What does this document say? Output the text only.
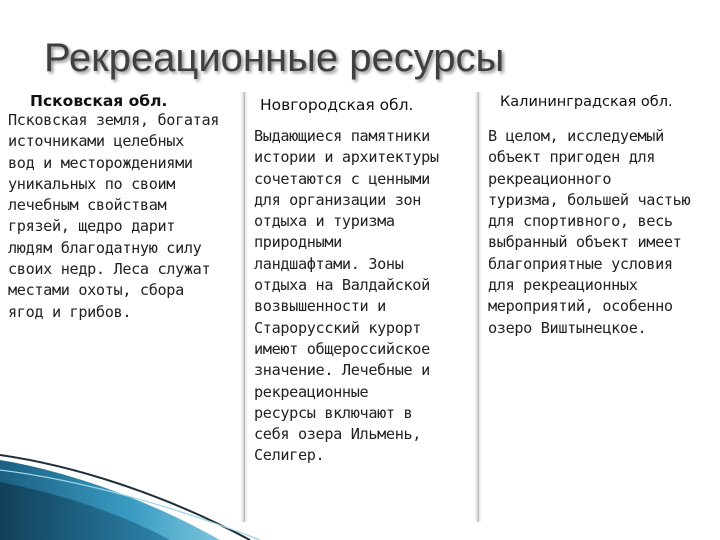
Рекреационные ресурсы
Псковская обл.
Псковская земля, богатая
источниками целебных
вод и месторождениями
уникальных по своим
лечебным свойствам
грязей, щедро дарит
людям благодатную силу
своих недр. Леса служат
местами охоты, сбора
ягод и грибов.
Новгородская обл.
Выдающиеся памятники
истории и архитектуры
сочетаются с ценными
для организации зон
отдыха и туризма
природными
ландшафтами. Зоны
отдыха на Валдайской
возвышенности и
Старорусский курорт
имеют общероссийское
значение. Лечебные и
рекреационные
ресурсы включают в
себя озера Ильмень,
Селигер.
Калининградская обл.
В целом, исследуемый
объект пригоден для
рекреационного
туризма, большей частью
для спортивного, весь
выбранный объект имеет
благоприятные условия
для рекреационных
мероприятий, особенно
озеро Виштынецкое.
